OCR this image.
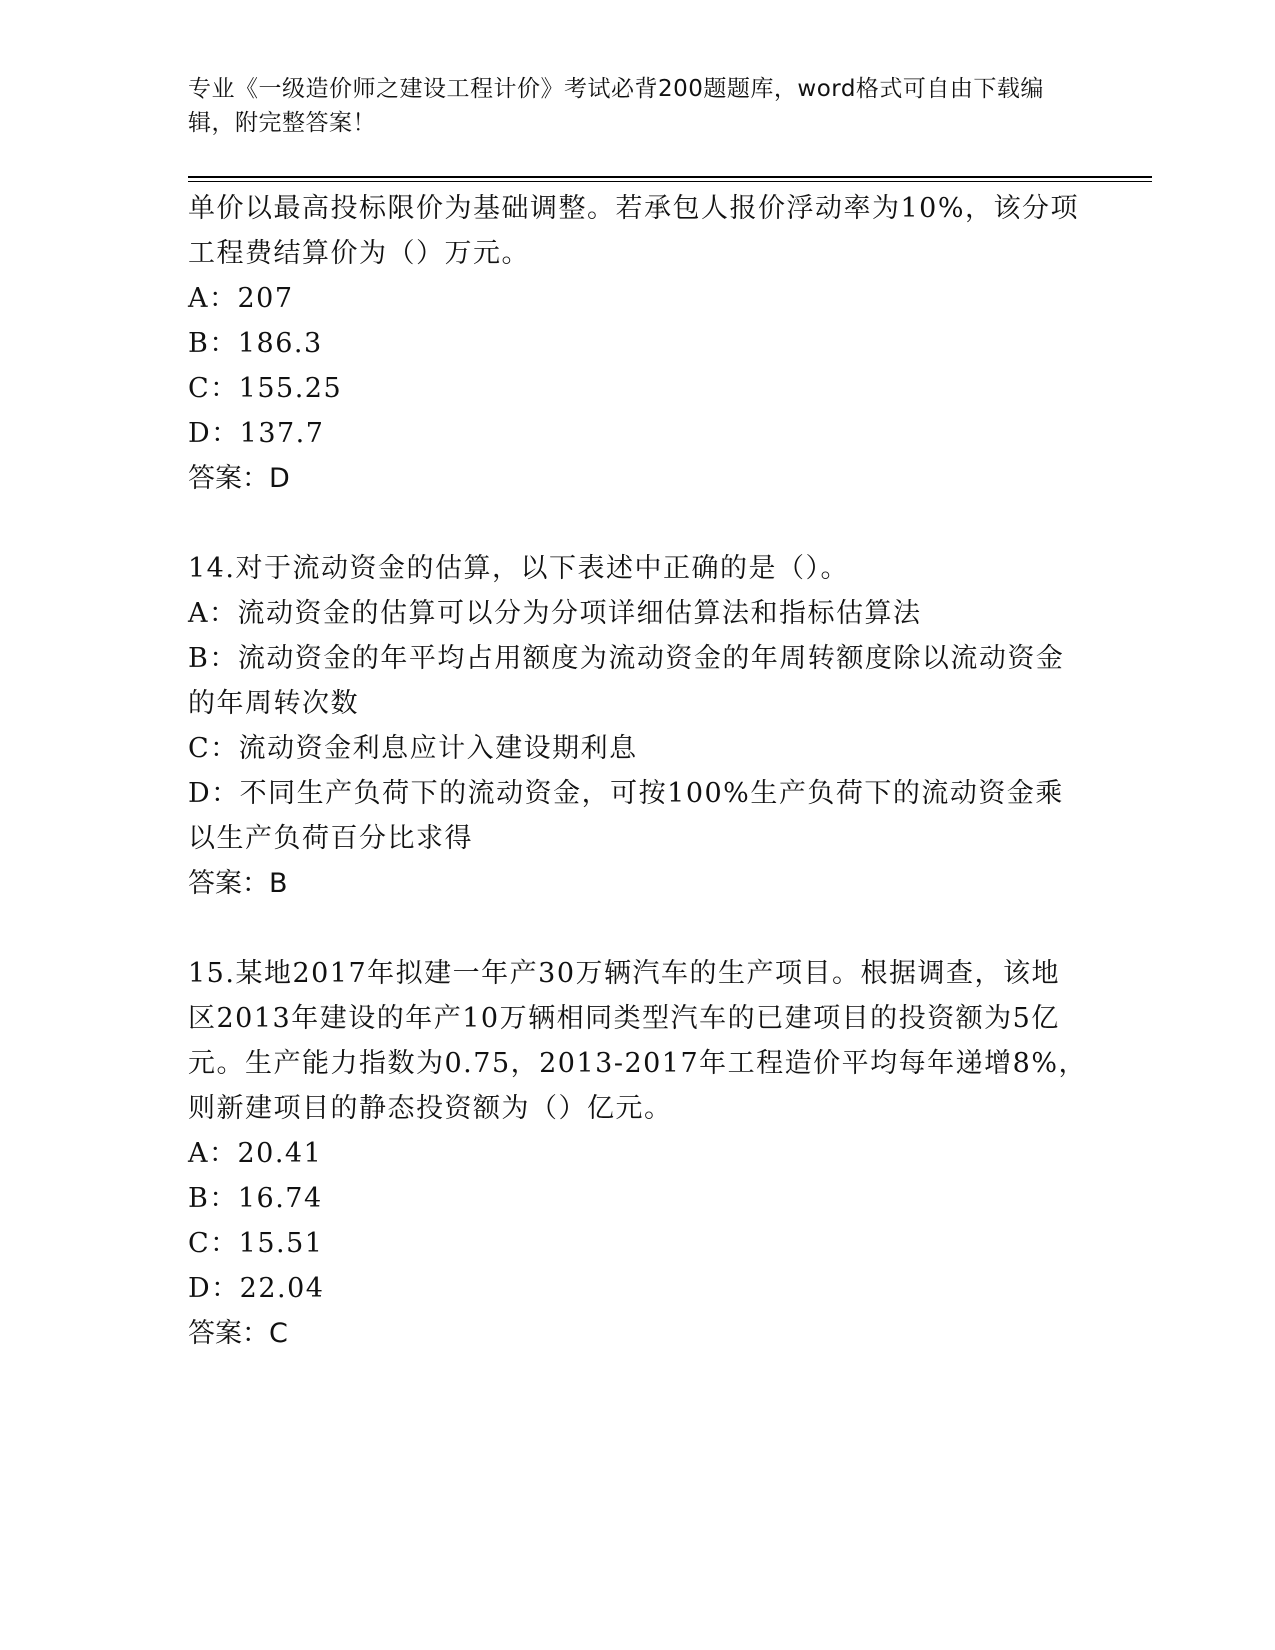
专业《一级造价师之建设工程计价》考试必背200题题库，word格式可自由下载编辑，附完整答案！

单价以最高投标限价为基础调整。若承包人报价浮动率为10%，该分项工程费结算价为（）万元。

A：207

B：186.3

C：155.25

D：137.7

答案：D

14.对于流动资金的估算，以下表述中正确的是（）。

A：流动资金的估算可以分为分项详细估算法和指标估算法

B：流动资金的年平均占用额度为流动资金的年周转额度除以流动资金的年周转次数

C：流动资金利息应计入建设期利息

D：不同生产负荷下的流动资金，可按100%生产负荷下的流动资金乘以生产负荷百分比求得

答案：B

15.某地2017年拟建一年产30万辆汽车的生产项目。根据调查，该地区2013年建设的年产10万辆相同类型汽车的已建项目的投资额为5亿元。生产能力指数为0.75，2013-2017年工程造价平均每年递增8%，则新建项目的静态投资额为（）亿元。

A：20.41

B：16.74

C：15.51

D：22.04

答案：C
